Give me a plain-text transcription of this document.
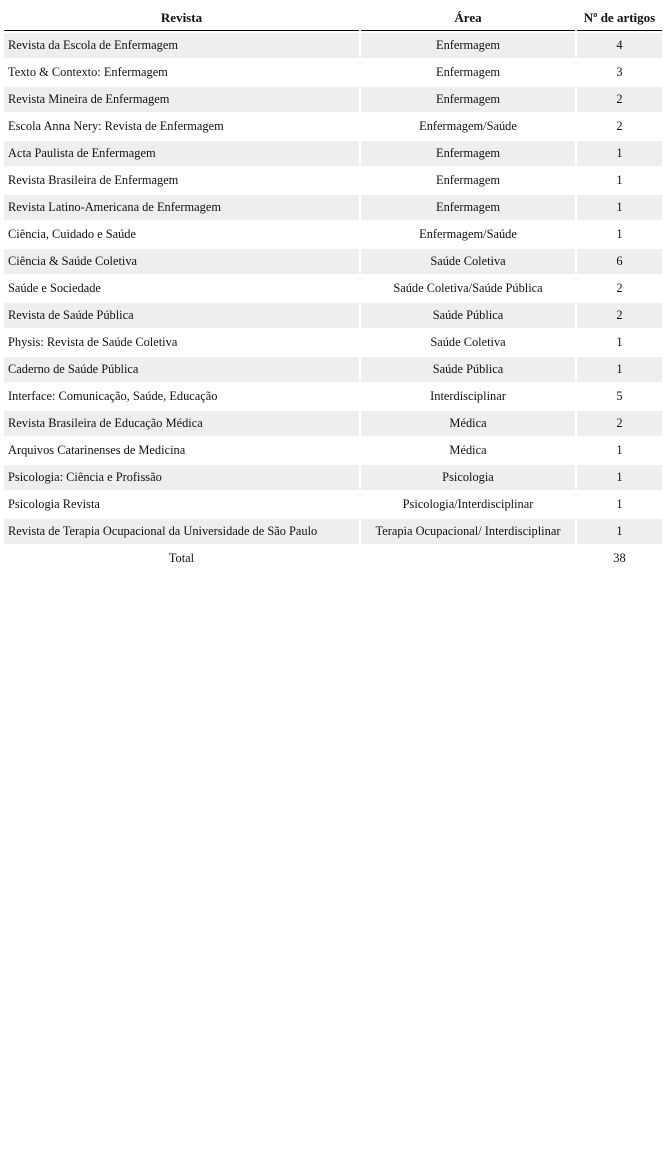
Revista	Área	Nº de artigos

Revista da Escola de Enfermagem	Enfermagem	4
Texto & Contexto: Enfermagem	Enfermagem	3
Revista Mineira de Enfermagem	Enfermagem	2
Escola Anna Nery: Revista de Enfermagem	Enfermagem/Saúde	2
Acta Paulista de Enfermagem	Enfermagem	1
Revista Brasileira de Enfermagem	Enfermagem	1
Revista Latino-Americana de Enfermagem	Enfermagem	1
Ciência, Cuidado e Saúde	Enfermagem/Saúde	1
Ciência & Saúde Coletiva	Saúde Coletiva	6
Saúde e Sociedade	Saúde Coletiva/Saúde Pública	2
Revista de Saúde Pública	Saúde Pública	2
Physis: Revista de Saúde Coletiva	Saúde Coletiva	1
Caderno de Saúde Pública	Saúde Pública	1
Interface: Comunicação, Saúde, Educação	Interdisciplinar	5
Revista Brasileira de Educação Médica	Médica	2
Arquivos Catarinenses de Medicina	Médica	1
Psicologia: Ciência e Profissão	Psicologia	1
Psicologia Revista	Psicologia/Interdisciplinar	1
Revista de Terapia Ocupacional da Universidade de São Paulo	Terapia Ocupacional/ Interdisciplinar	1
Total		38
